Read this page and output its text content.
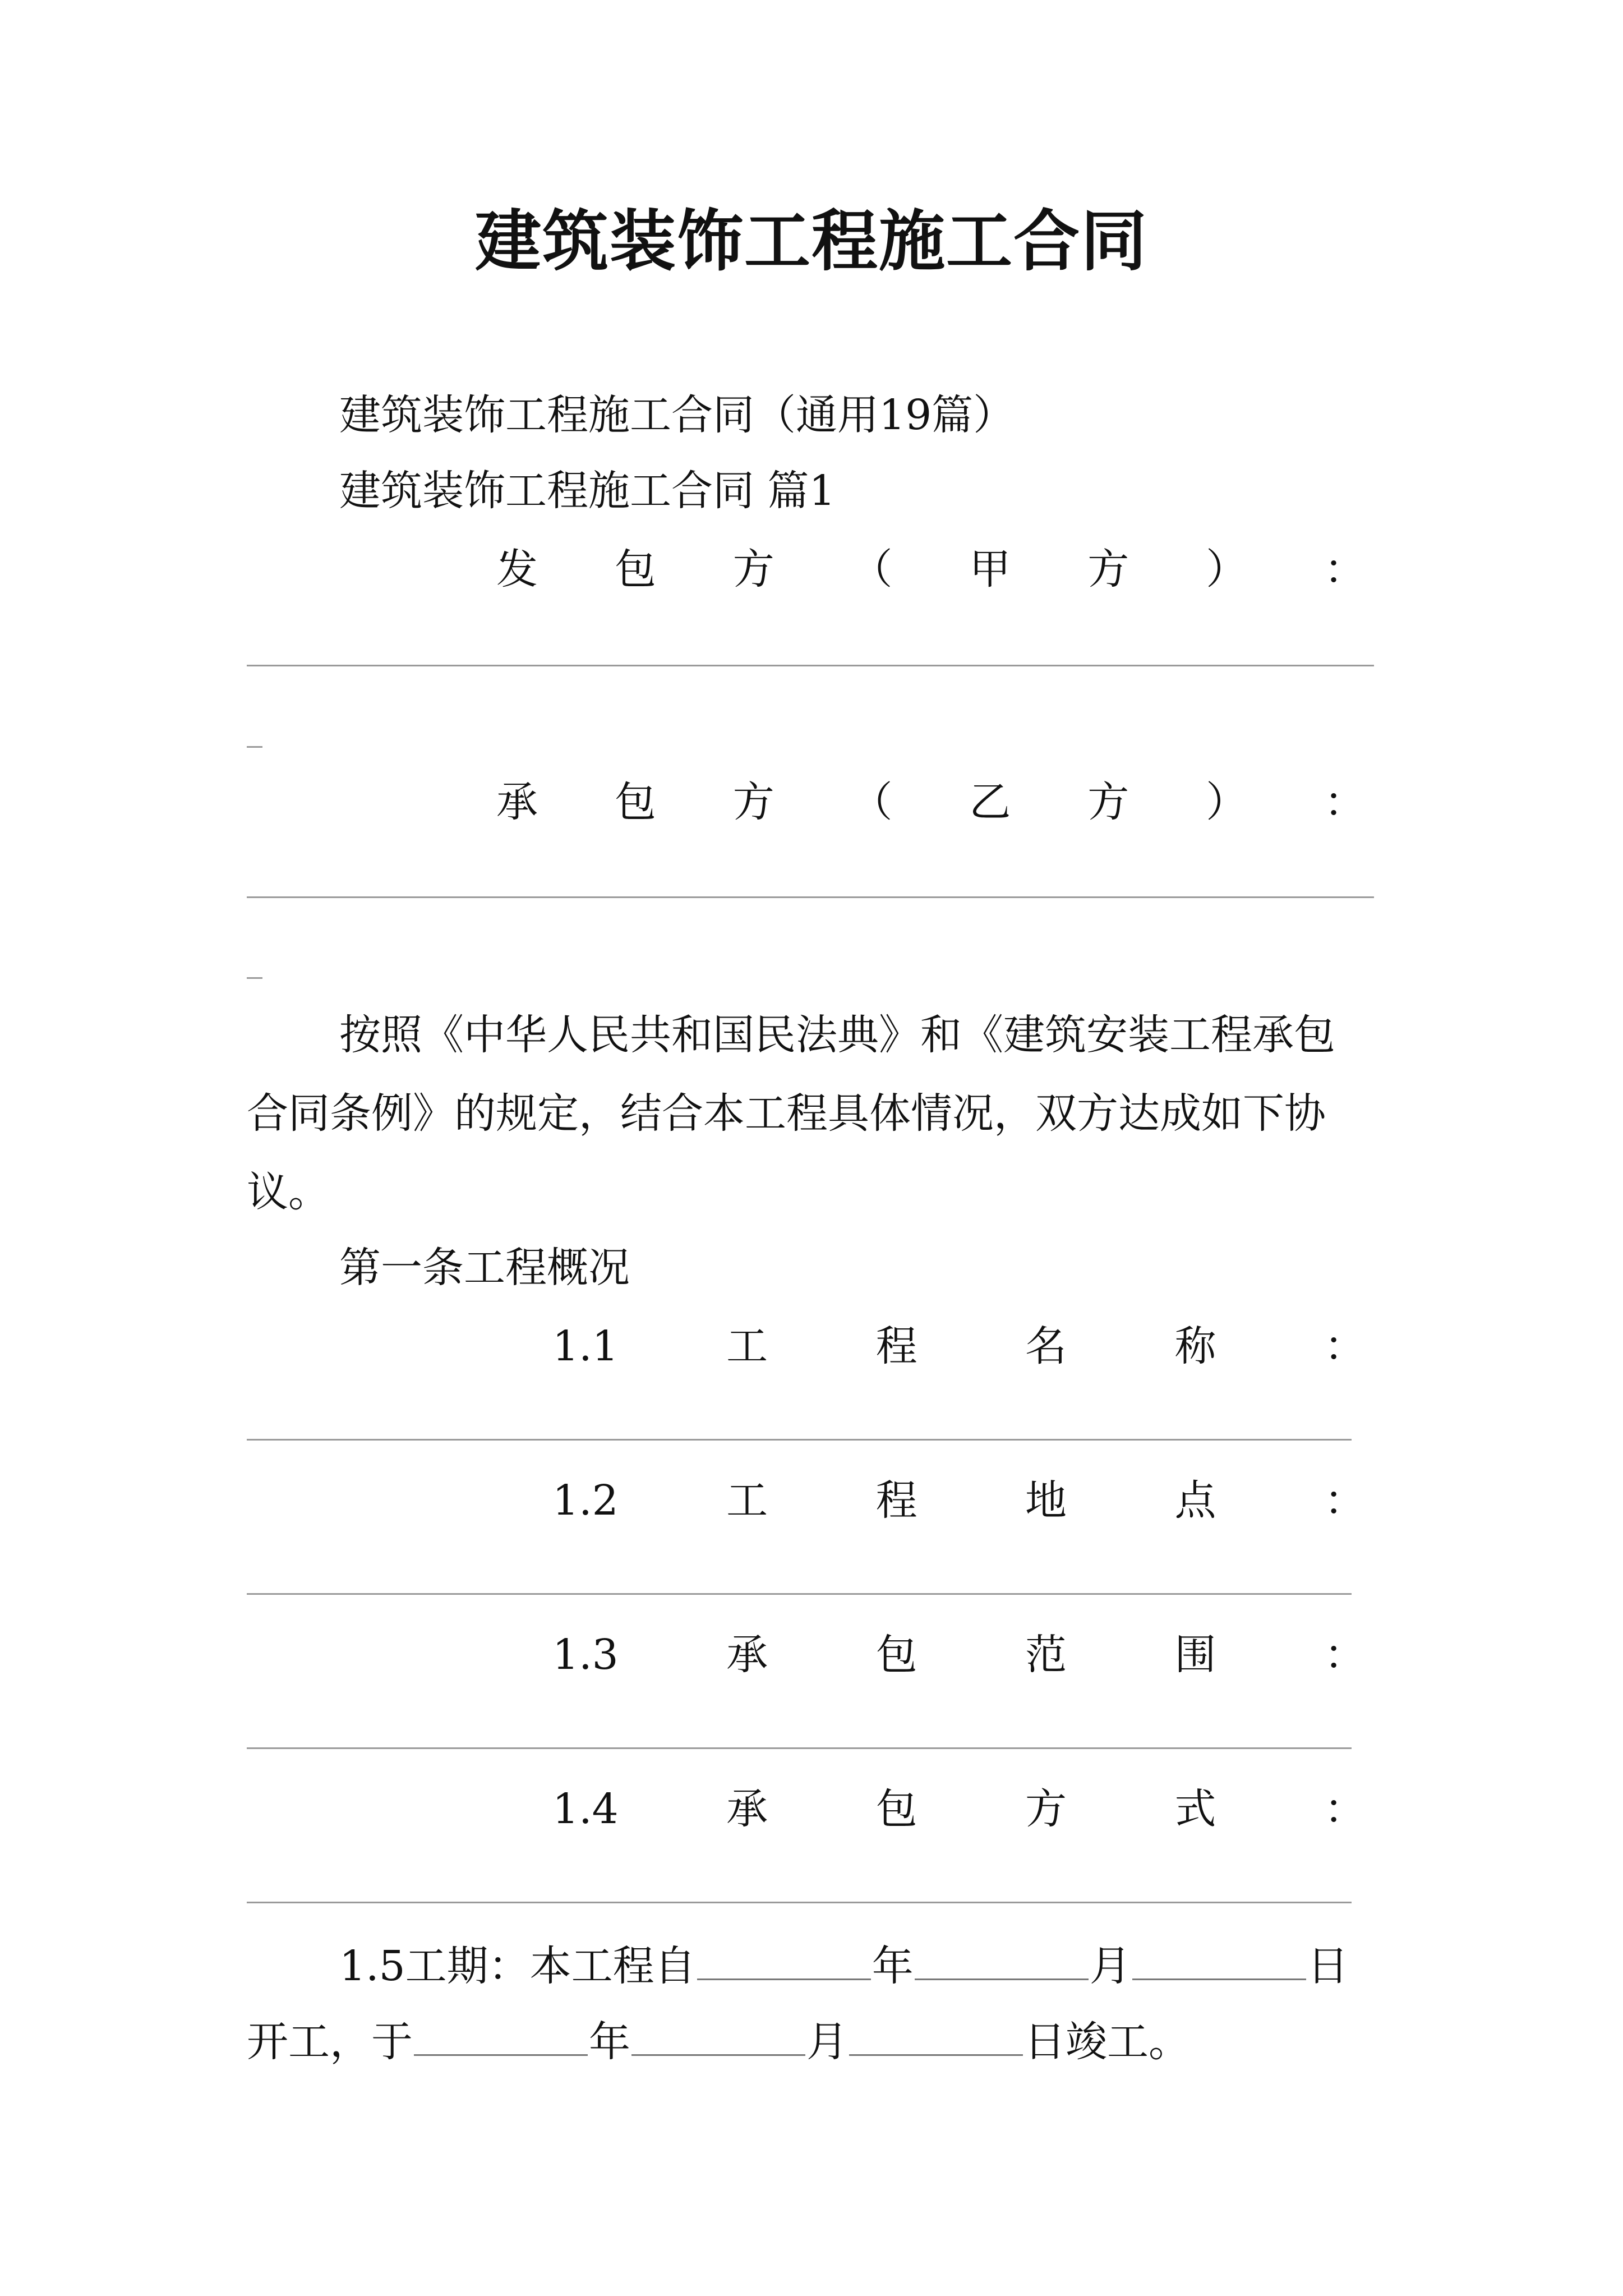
建筑装饰工程施工合同
建筑装饰工程施工合同（通用19篇）
建筑装饰工程施工合同 篇1
发 包 方 （ 甲 方 ） ：
承 包 方 （ 乙 方 ） ：
按照《中华人民共和国民法典》和《建筑安装工程承包
合同条例》的规定，结合本工程具体情况，双方达成如下协
议。
第一条工程概况
1.1	工	程	名	称	：
1.2	工	程	地	点	：
1.3	承	包	范	围	：
1.4	承	包	方	式	：
1.5工期：本工程自	年	月	日
开工，于	年	月	日竣工。
